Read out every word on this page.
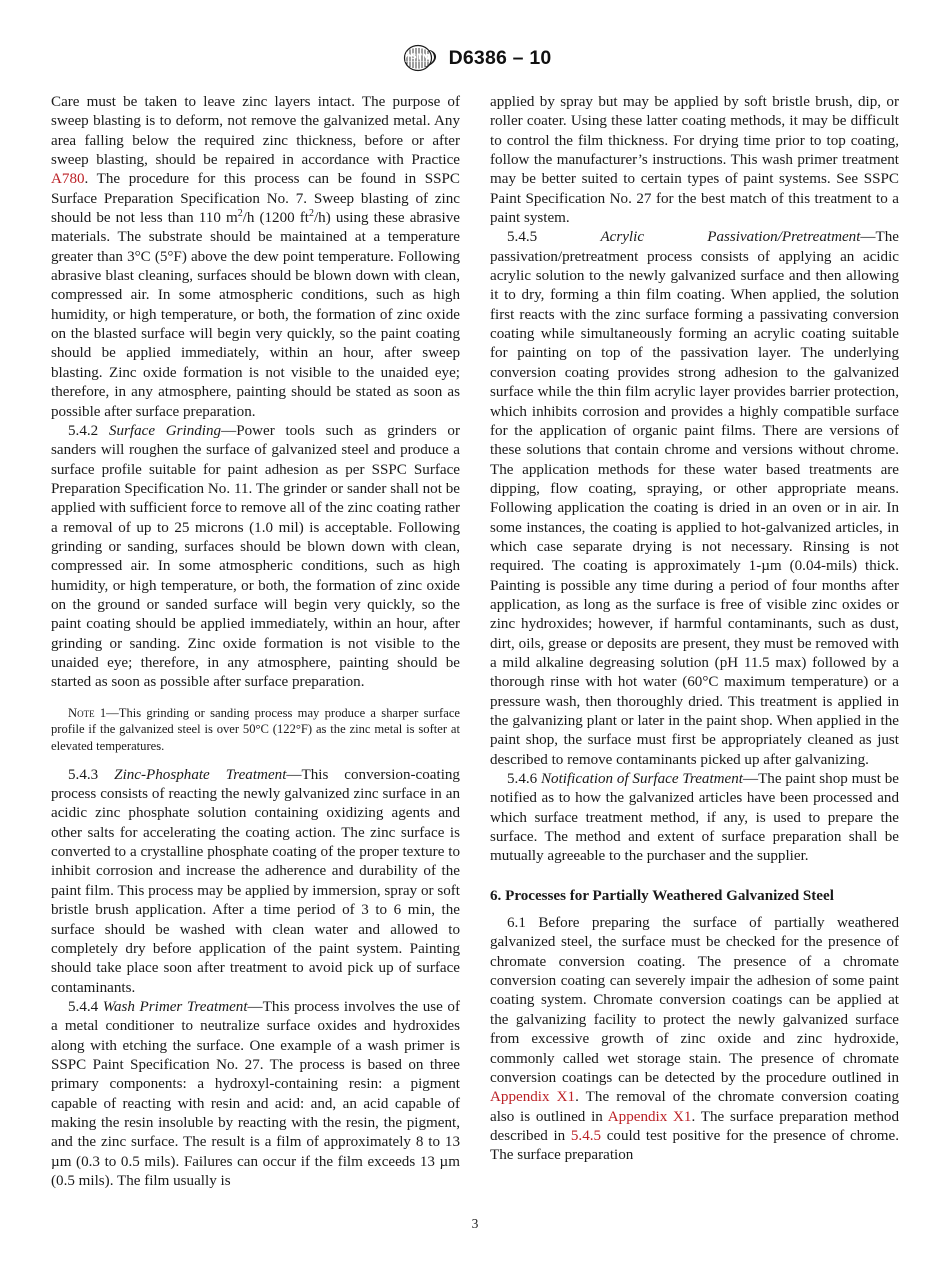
A S T M D6386 – 10

Care must be taken to leave zinc layers intact. The purpose of sweep blasting is to deform, not remove the galvanized metal. Any area falling below the required zinc thickness, before or after sweep blasting, should be repaired in accordance with Practice A780. The procedure for this process can be found in SSPC Surface Preparation Specification No. 7. Sweep blasting of zinc should be not less than 110 $m^2/h$ (1200 $ft^2/h$) using these abrasive materials. The substrate should be maintained at a temperature greater than 3°C (5°F) above the dew point temperature. Following abrasive blast cleaning, surfaces should be blown down with clean, compressed air. In some atmospheric conditions, such as high humidity, or high temperature, or both, the formation of zinc oxide on the blasted surface will begin very quickly, so the paint coating should be applied immediately, within an hour, after sweep blasting. Zinc oxide formation is not visible to the unaided eye; therefore, in any atmosphere, painting should be stated as soon as possible after surface preparation.

5.4.2 Surface Grinding—Power tools such as grinders or sanders will roughen the surface of galvanized steel and produce a surface profile suitable for paint adhesion as per SSPC Surface Preparation Specification No. 11. The grinder or sander shall not be applied with sufficient force to remove all of the zinc coating rather a removal of up to 25 microns (1.0 mil) is acceptable. Following grinding or sanding, surfaces should be blown down with clean, compressed air. In some atmospheric conditions, such as high humidity, or high temperature, or both, the formation of zinc oxide on the ground or sanded surface will begin very quickly, so the paint coating should be applied immediately, within an hour, after grinding or sanding. Zinc oxide formation is not visible to the unaided eye; therefore, in any atmosphere, painting should be started as soon as possible after surface preparation.

Note 1—This grinding or sanding process may produce a sharper surface profile if the galvanized steel is over 50°C (122°F) as the zinc metal is softer at elevated temperatures.

5.4.3 Zinc-Phosphate Treatment—This conversion-coating process consists of reacting the newly galvanized zinc surface in an acidic zinc phosphate solution containing oxidizing agents and other salts for accelerating the coating action. The zinc surface is converted to a crystalline phosphate coating of the proper texture to inhibit corrosion and increase the adherence and durability of the paint film. This process may be applied by immersion, spray or soft bristle brush application. After a time period of 3 to 6 min, the surface should be washed with clean water and allowed to completely dry before application of the paint system. Painting should take place soon after treatment to avoid pick up of surface contaminants.

5.4.4 Wash Primer Treatment—This process involves the use of a metal conditioner to neutralize surface oxides and hydroxides along with etching the surface. One example of a wash primer is SSPC Paint Specification No. 27. The process is based on three primary components: a hydroxyl-containing resin: a pigment capable of reacting with resin and acid: and, an acid capable of making the resin insoluble by reacting with the resin, the pigment, and the zinc surface. The result is a film of approximately 8 to 13 µm (0.3 to 0.5 mils). Failures can occur if the film exceeds 13 µm (0.5 mils). The film usually is

applied by spray but may be applied by soft bristle brush, dip, or roller coater. Using these latter coating methods, it may be difficult to control the film thickness. For drying time prior to top coating, follow the manufacturer’s instructions. This wash primer treatment may be better suited to certain types of paint systems. See SSPC Paint Specification No. 27 for the best match of this treatment to a paint system.

5.4.5	Acrylic Passivation/Pretreatment—The passivation/pretreatment process consists of applying an acidic acrylic solution to the newly galvanized surface and then allowing it to dry, forming a thin film coating. When applied, the solution first reacts with the zinc surface forming a passivating conversion coating while simultaneously forming an acrylic coating suitable for painting on top of the passivation layer. The underlying conversion coating provides strong adhesion to the galvanized surface while the thin film acrylic layer provides barrier protection, which inhibits corrosion and provides a highly compatible surface for the application of organic paint films. There are versions of these solutions that contain chrome and versions without chrome. The application methods for these water based treatments are dipping, flow coating, spraying, or other appropriate means. Following application the coating is dried in an oven or in air. In some instances, the coating is applied to hot-galvanized articles, in which case separate drying is not necessary. Rinsing is not required. The coating is approximately 1-µm (0.04-mils) thick. Painting is possible any time during a period of four months after application, as long as the surface is free of visible zinc oxides or zinc hydroxides; however, if harmful contaminants, such as dust, dirt, oils, grease or deposits are present, they must be removed with a mild alkaline degreasing solution (pH 11.5 max) followed by a thorough rinse with hot water (60°C maximum temperature) or a pressure wash, then thoroughly dried. This treatment is applied in the galvanizing plant or later in the paint shop. When applied in the paint shop, the surface must first be appropriately cleaned as just described to remove contaminants picked up after galvanizing.

5.4.6 Notification of Surface Treatment—The paint shop must be notified as to how the galvanized articles have been processed and which surface treatment method, if any, is used to prepare the surface. The method and extent of surface preparation shall be mutually agreeable to the purchaser and the supplier.

6. Processes for Partially Weathered Galvanized Steel

6.1 Before preparing the surface of partially weathered galvanized steel, the surface must be checked for the presence of chromate conversion coating. The presence of a chromate conversion coating can severely impair the adhesion of some paint coating system. Chromate conversion coatings can be applied at the galvanizing facility to protect the newly galvanized surface from excessive growth of zinc oxide and zinc hydroxide, commonly called wet storage stain. The presence of chromate conversion coatings can be detected by the procedure outlined in Appendix X1. The removal of the chromate conversion coating also is outlined in Appendix X1. The surface preparation method described in 5.4.5 could test positive for the presence of chrome. The surface preparation

3
